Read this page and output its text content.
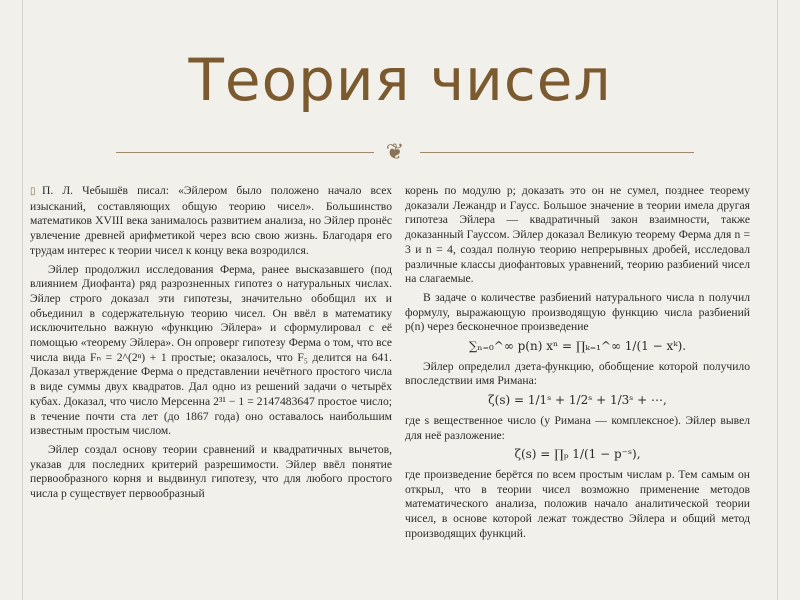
Теория чисел
❦

▯ П. Л. Чебышёв писал: «Эйлером было положено начало всех изысканий, составляющих общую теорию чисел». Большинство математиков XVIII века занималось развитием анализа, но Эйлер пронёс увлечение древней арифметикой через всю свою жизнь. Благодаря его трудам интерес к теории чисел к концу века возродился.

Эйлер продолжил исследования Ферма, ранее высказавшего (под влиянием Диофанта) ряд разрозненных гипотез о натуральных числах. Эйлер строго доказал эти гипотезы, значительно обобщил их и объединил в содержательную теорию чисел. Он ввёл в математику исключительно важную «функцию Эйлера» и сформулировал с её помощью «теорему Эйлера». Он опроверг гипотезу Ферма о том, что все числа вида Fₙ = 2^(2ⁿ) + 1 простые; оказалось, что F₅ делится на 641. Доказал утверждение Ферма о представлении нечётного простого числа в виде суммы двух квадратов. Дал одно из решений задачи о четырёх кубах. Доказал, что число Мерсенна 2³¹ − 1 = 2147483647 простое число; в течение почти ста лет (до 1867 года) оно оставалось наибольшим известным простым числом.

Эйлер создал основу теории сравнений и квадратичных вычетов, указав для последних критерий разрешимости. Эйлер ввёл понятие первообразного корня и выдвинул гипотезу, что для любого простого числа p существует первообразный

корень по модулю p; доказать это он не сумел, позднее теорему доказали Лежандр и Гаусс. Большое значение в теории имела другая гипотеза Эйлера — квадратичный закон взаимности, также доказанный Гауссом. Эйлер доказал Великую теорему Ферма для n = 3 и n = 4, создал полную теорию непрерывных дробей, исследовал различные классы диофантовых уравнений, теорию разбиений чисел на слагаемые.

В задаче о количестве разбиений натурального числа n получил формулу, выражающую производящую функцию числа разбиений p(n) через бесконечное произведение

∑ₙ₌₀^∞ p(n) xⁿ = ∏ₖ₌₁^∞ 1/(1 − xᵏ).

Эйлер определил дзета-функцию, обобщение которой получило впоследствии имя Римана:

ζ(s) = 1/1ˢ + 1/2ˢ + 1/3ˢ + ⋯,

где s вещественное число (у Римана — комплексное). Эйлер вывел для неё разложение:

ζ(s) = ∏ₚ 1/(1 − p⁻ˢ),

где произведение берётся по всем простым числам p. Тем самым он открыл, что в теории чисел возможно применение методов математического анализа, положив начало аналитической теории чисел, в основе которой лежат тождество Эйлера и общий метод производящих функций.
